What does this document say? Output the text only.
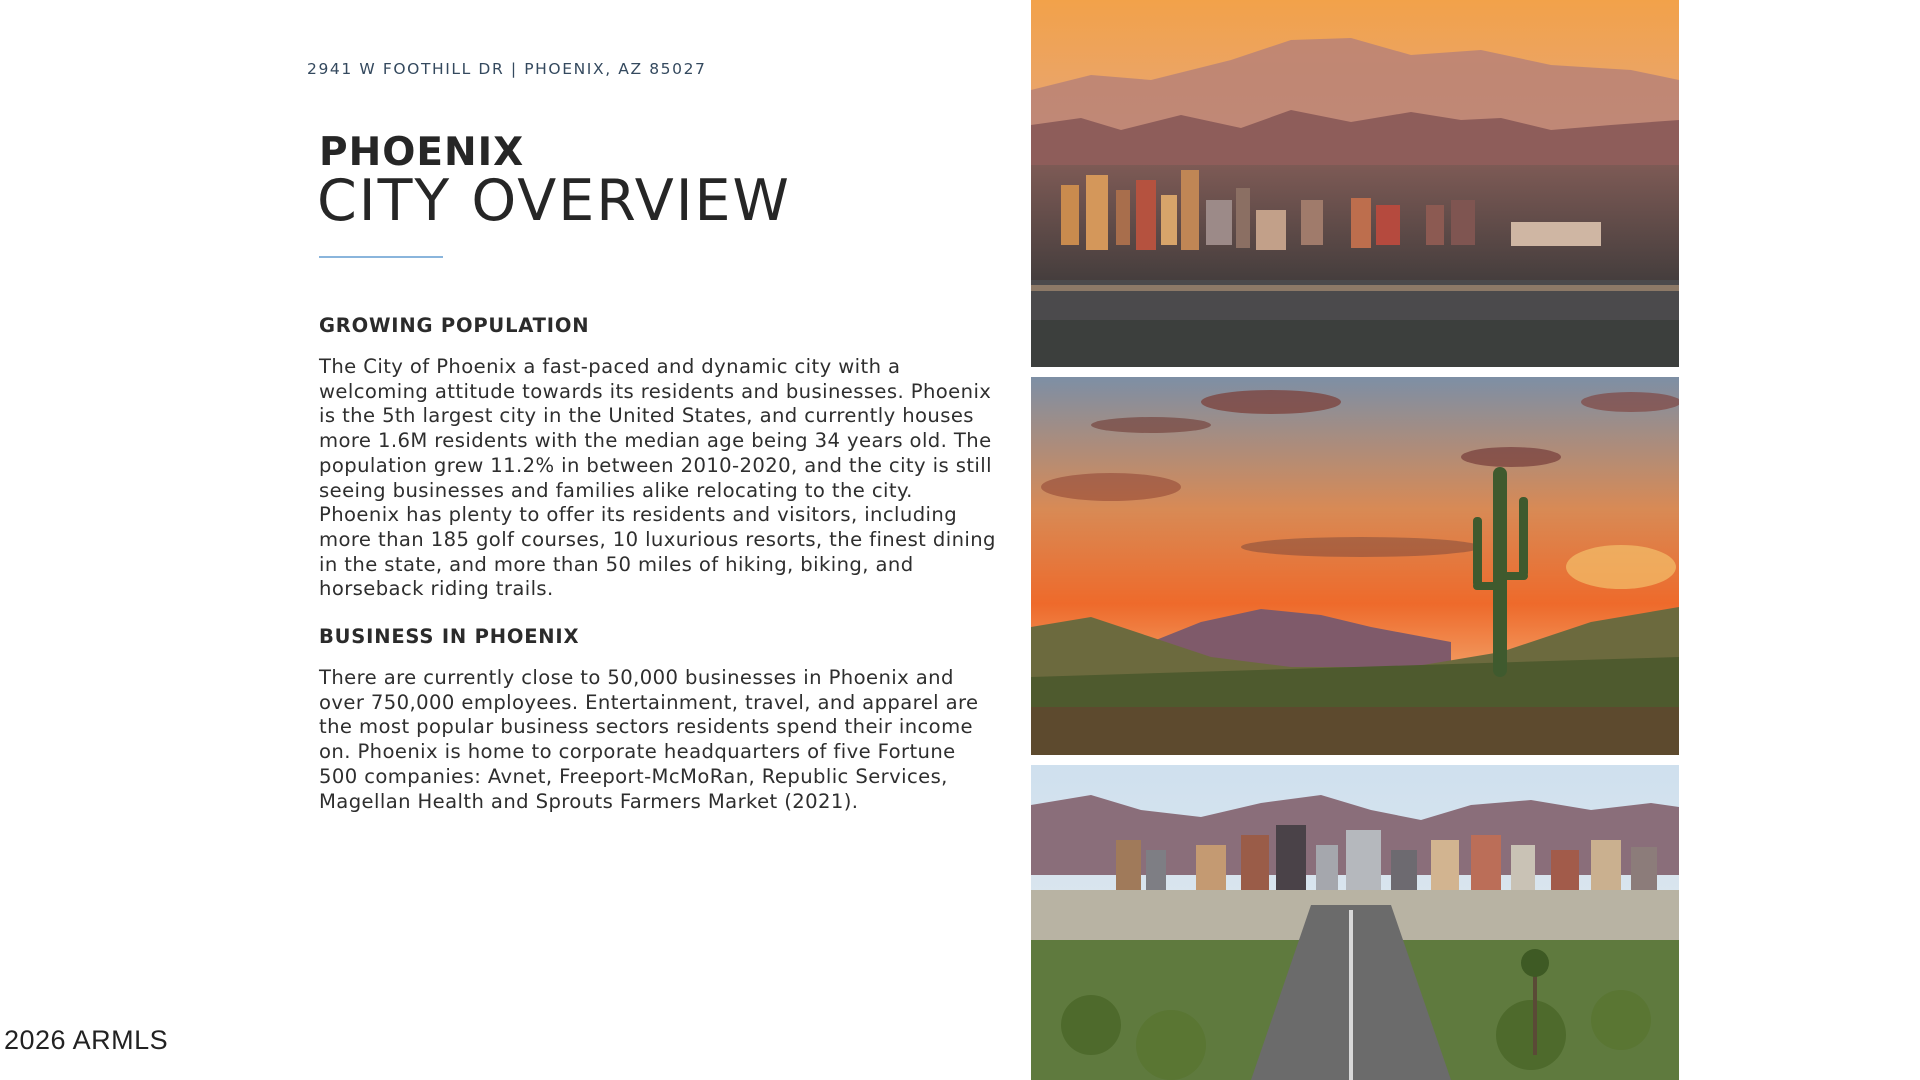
2941 W FOOTHILL DR | PHOENIX, AZ 85027
PHOENIX
CITY OVERVIEW
GROWING POPULATION

The City of Phoenix a fast-paced and dynamic city with a welcoming attitude towards its residents and businesses. Phoenix is the 5th largest city in the United States, and currently houses more 1.6M residents with the median age being 34 years old. The population grew 11.2% in between 2010-2020, and the city is still seeing businesses and families alike relocating to the city. Phoenix has plenty to offer its residents and visitors, including more than 185 golf courses, 10 luxurious resorts, the finest dining in the state, and more than 50 miles of hiking, biking, and horseback riding trails.

BUSINESS IN PHOENIX

There are currently close to 50,000 businesses in Phoenix and over 750,000 employees. Entertainment, travel, and apparel are the most popular business sectors residents spend their income on. Phoenix is home to corporate headquarters of five Fortune 500 companies: Avnet, Freeport-McMoRan, Republic Services, Magellan Health and Sprouts Farmers Market (2021).

2026 ARMLS
